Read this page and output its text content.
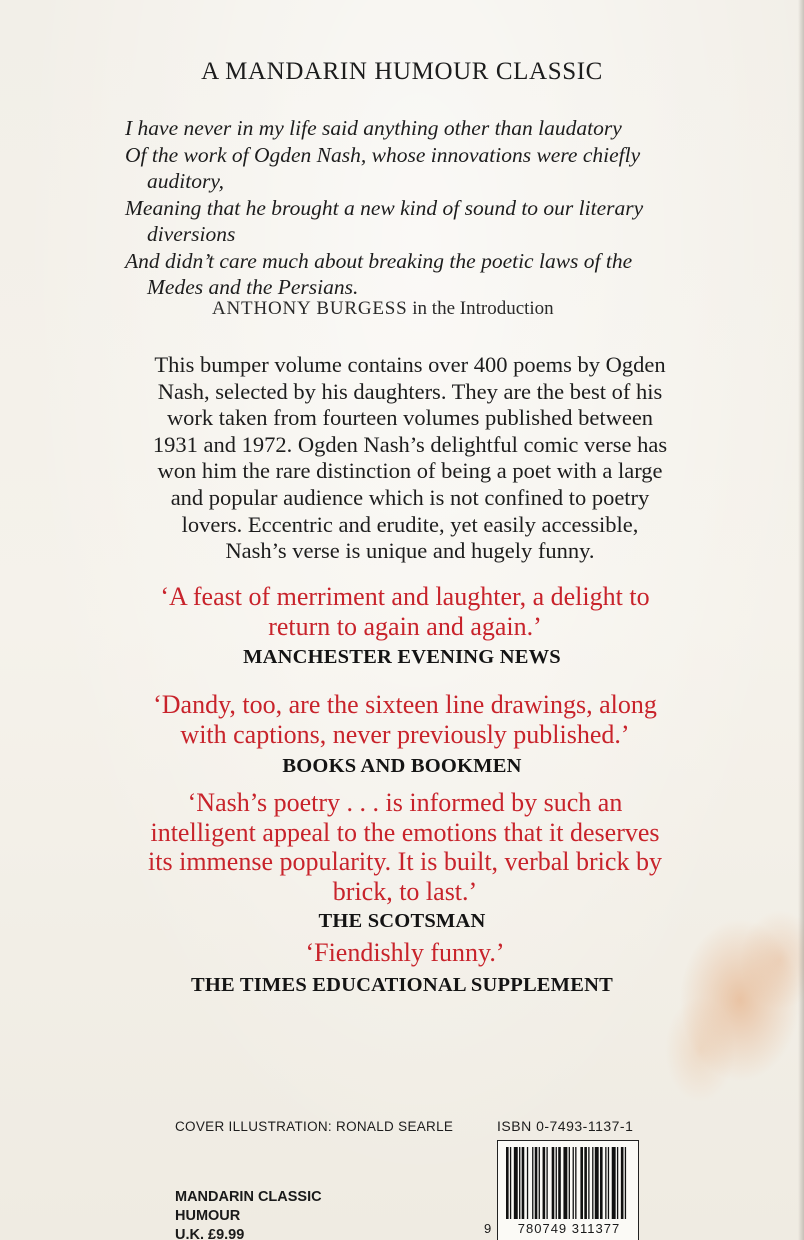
A MANDARIN HUMOUR CLASSIC
I have never in my life said anything other than laudatory
Of the work of Ogden Nash, whose innovations were chiefly
auditory,
Meaning that he brought a new kind of sound to our literary
diversions
And didn’t care much about breaking the poetic laws of the
Medes and the Persians.
ANTHONY BURGESS in the Introduction
This bumper volume contains over 400 poems by Ogden
Nash, selected by his daughters. They are the best of his
work taken from fourteen volumes published between
1931 and 1972. Ogden Nash’s delightful comic verse has
won him the rare distinction of being a poet with a large
and popular audience which is not confined to poetry
lovers. Eccentric and erudite, yet easily accessible,
Nash’s verse is unique and hugely funny.
‘A feast of merriment and laughter, a delight to
return to again and again.’
MANCHESTER EVENING NEWS
‘Dandy, too, are the sixteen line drawings, along
with captions, never previously published.’
BOOKS AND BOOKMEN
‘Nash’s poetry . . . is informed by such an
intelligent appeal to the emotions that it deserves
its immense popularity. It is built, verbal brick by
brick, to last.’
THE SCOTSMAN
‘Fiendishly funny.’
THE TIMES EDUCATIONAL SUPPLEMENT
COVER ILLUSTRATION: RONALD SEARLE	ISBN 0-7493-1137-1
MANDARIN CLASSIC
HUMOUR
U.K. £9.99	9 780749 311377
